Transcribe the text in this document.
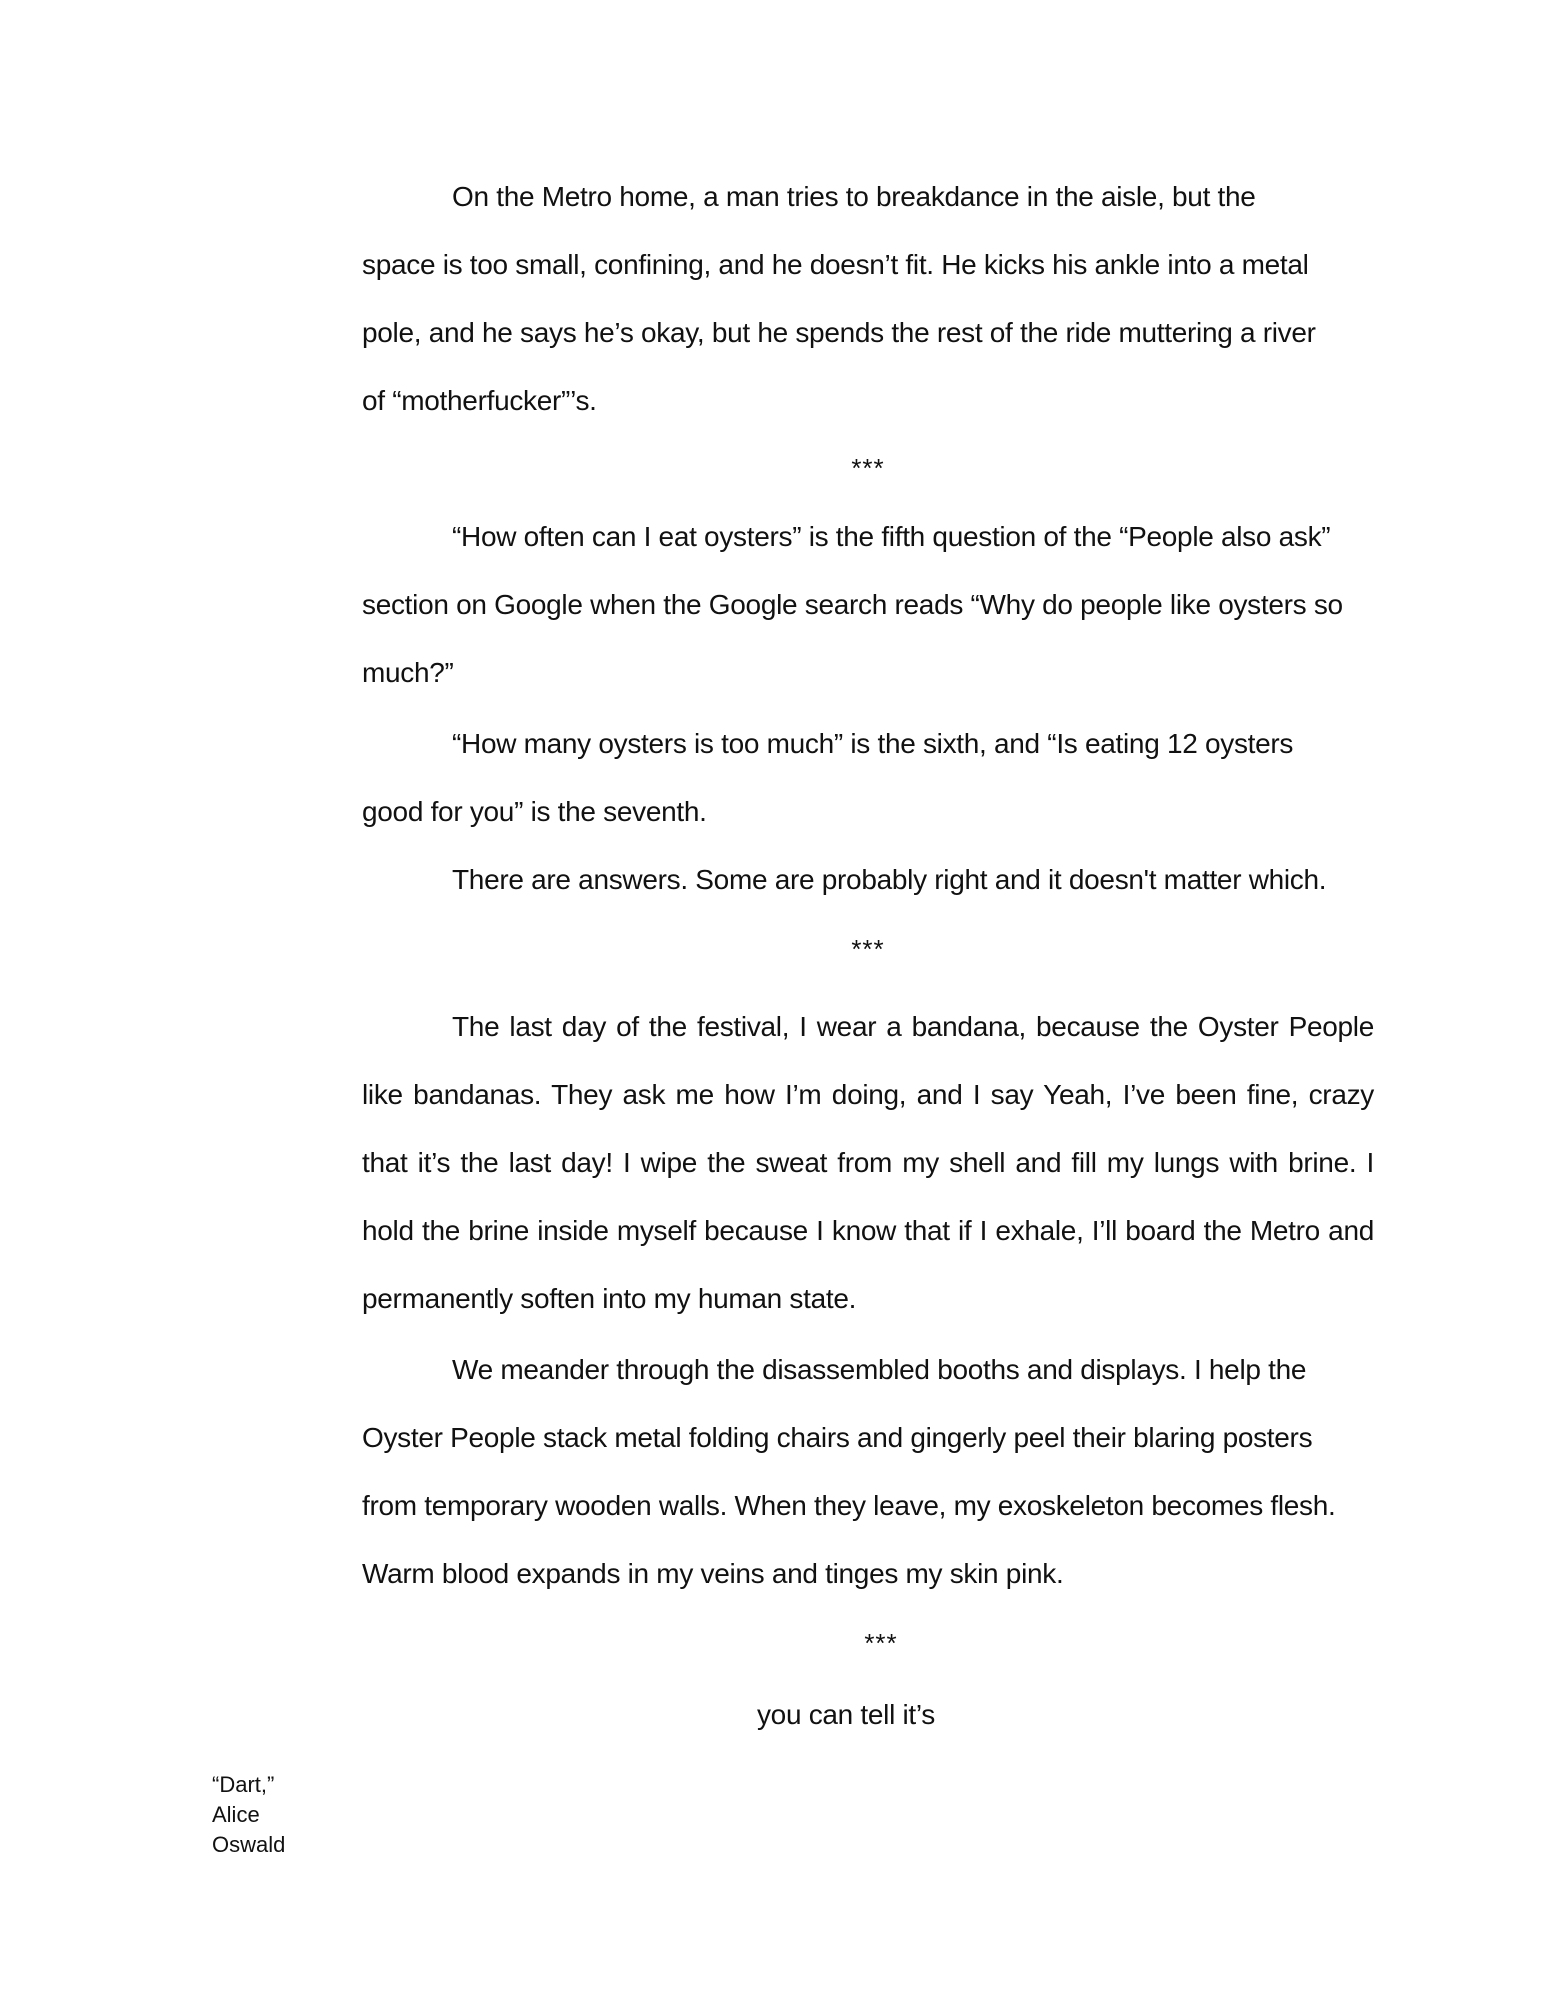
On the Metro home, a man tries to breakdance in the aisle, but the space is too small, confining, and he doesn’t fit. He kicks his ankle into a metal pole, and he says he’s okay, but he spends the rest of the ride muttering a river of “motherfucker”’s.

***

“How often can I eat oysters” is the fifth question of the “People also ask” section on Google when the Google search reads “Why do people like oysters so much?”

“How many oysters is too much” is the sixth, and “Is eating 12 oysters good for you” is the seventh.

There are answers. Some are probably right and it doesn't matter which.

***

The last day of the festival, I wear a bandana, because the Oyster People like bandanas. They ask me how I’m doing, and I say Yeah, I’ve been fine, crazy that it’s the last day! I wipe the sweat from my shell and fill my lungs with brine. I hold the brine inside myself because I know that if I exhale, I’ll board the Metro and permanently soften into my human state.

We meander through the disassembled booths and displays. I help the Oyster People stack metal folding chairs and gingerly peel their blaring posters from temporary wooden walls. When they leave, my exoskeleton becomes flesh. Warm blood expands in my veins and tinges my skin pink.

***
you can tell it’s
“Dart,”
Alice
Oswald
